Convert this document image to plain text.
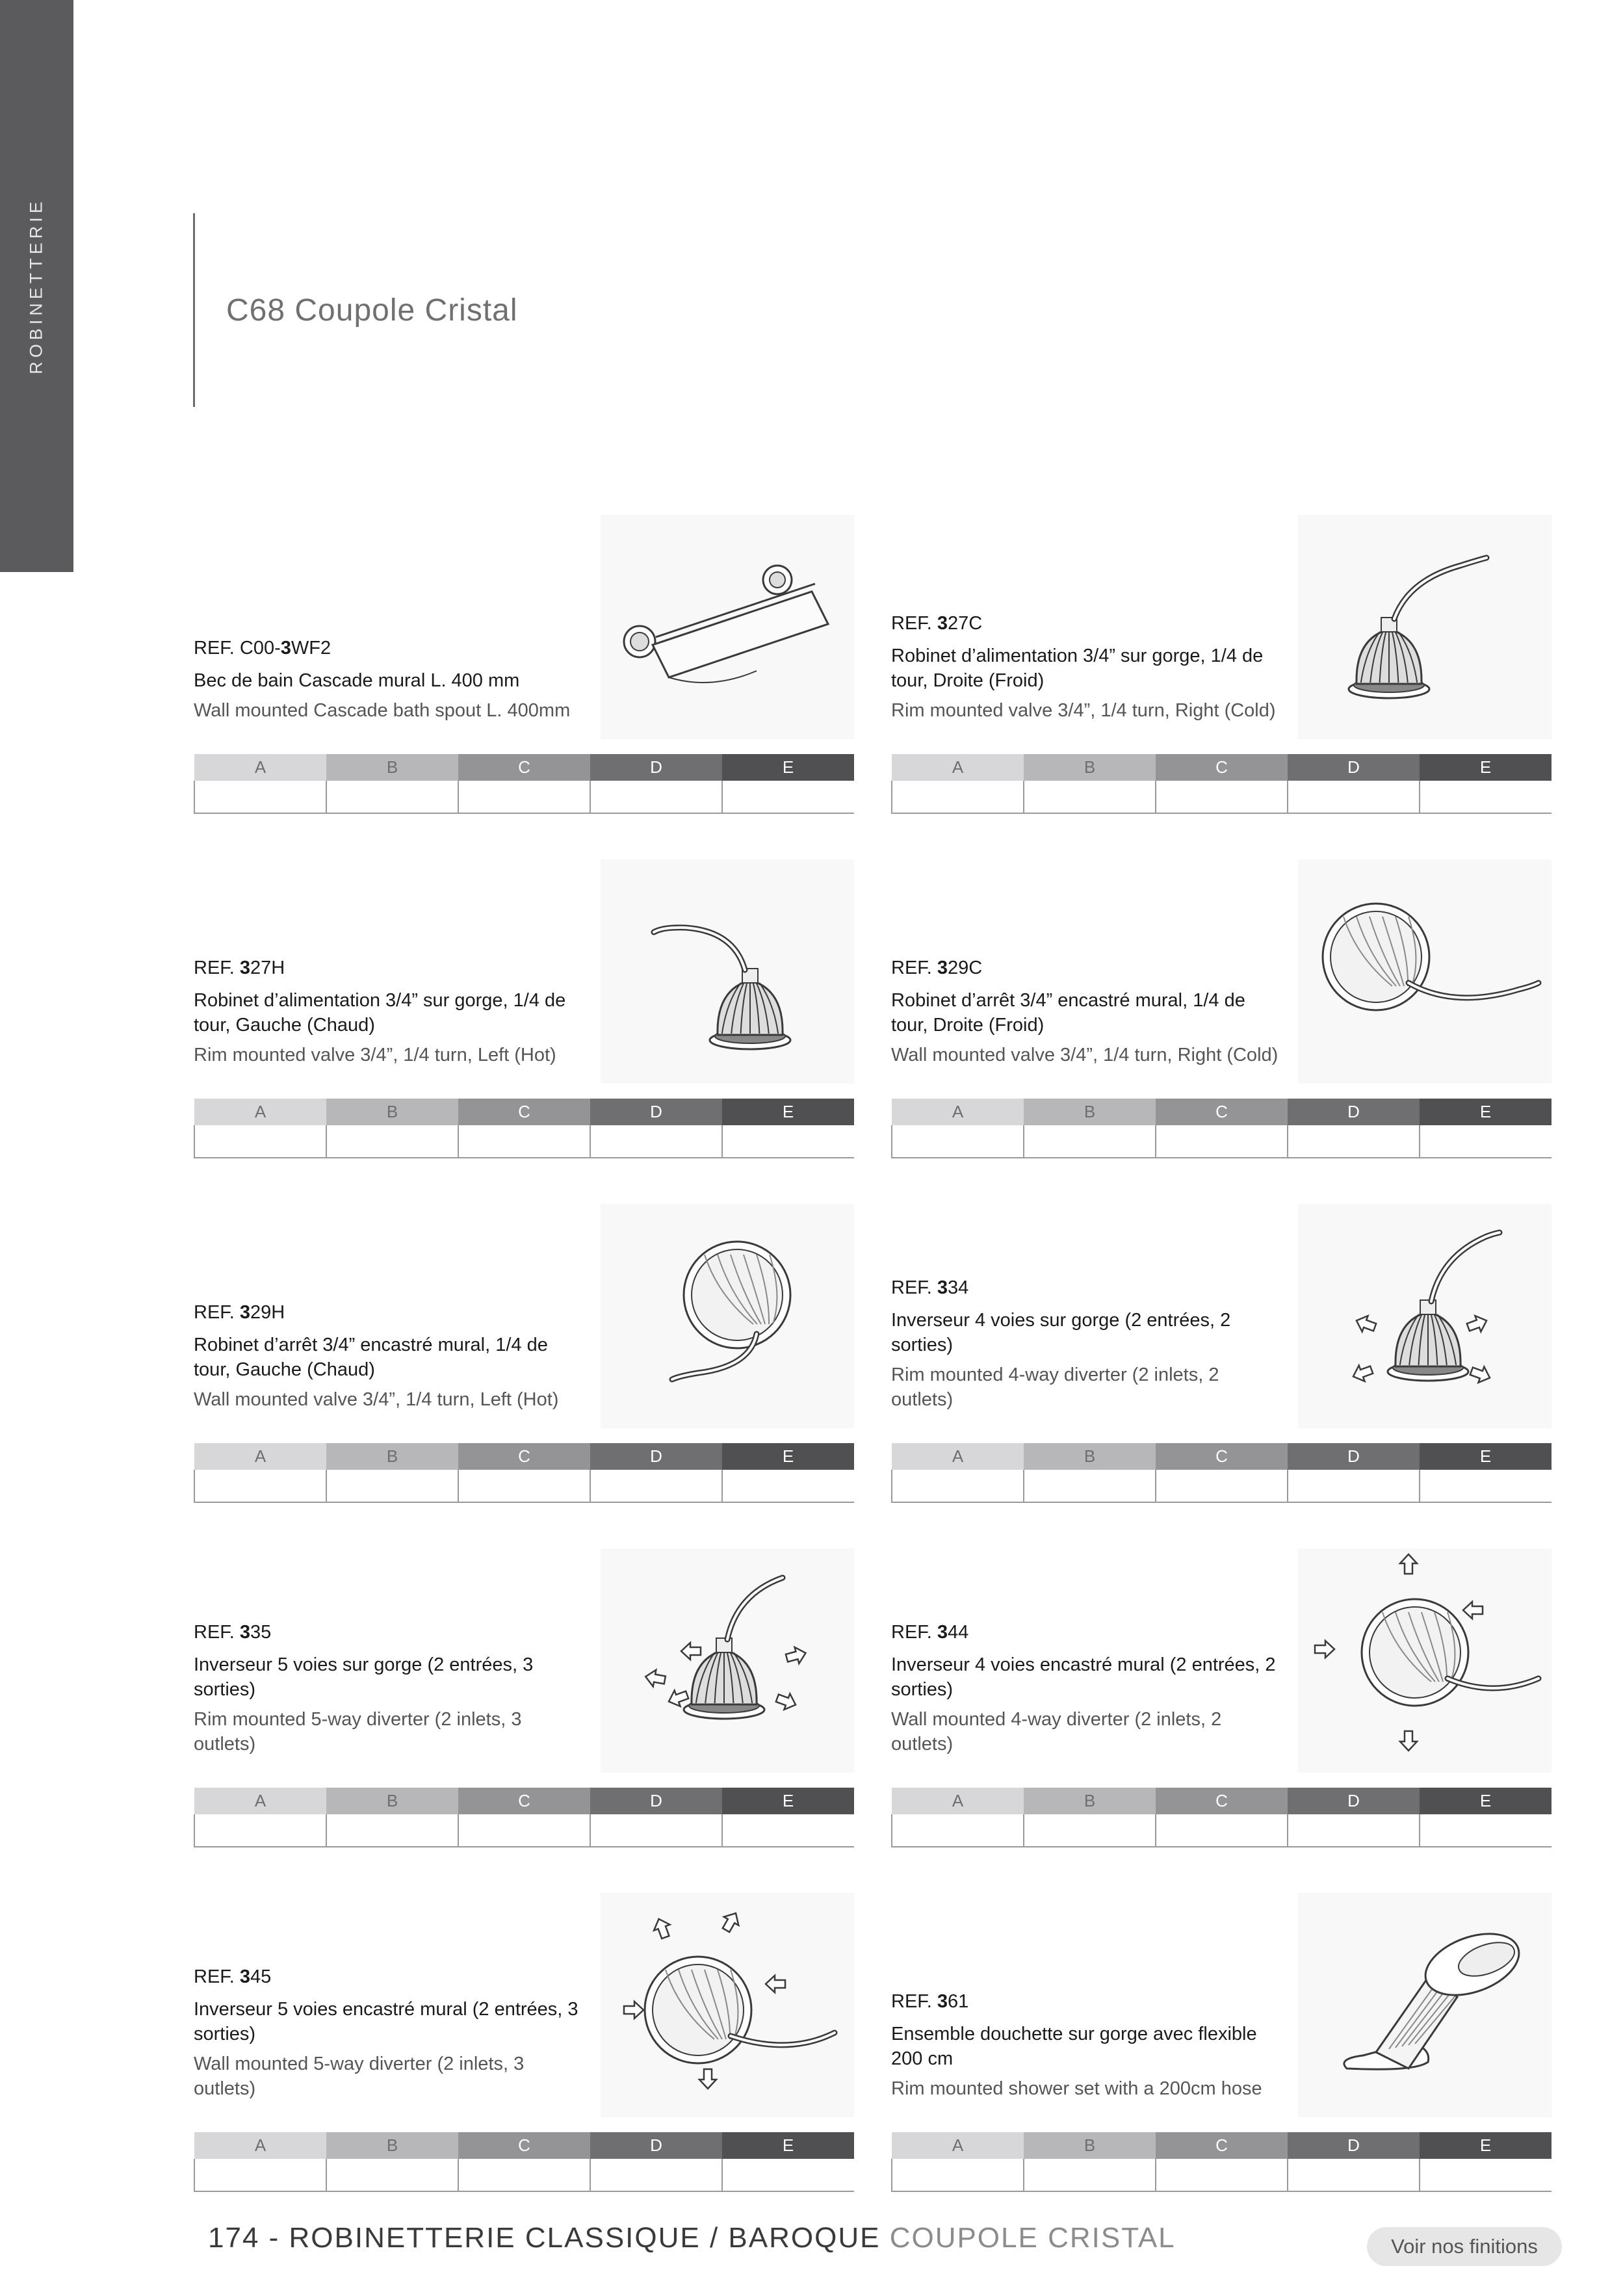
ROBINETTERIE	C68 Coupole Cristal
REF. C00-3WF2
Bec de bain Cascade mural L. 400 mm
Wall mounted Cascade bath spout L. 400mm
A	B	C	D	E

REF. 327C
Robinet d’alimentation 3/4” sur gorge, 1/4 de tour, Droite (Froid)
Rim mounted valve 3/4”, 1/4 turn, Right (Cold)
A	B	C	D	E

REF. 327H
Robinet d’alimentation 3/4” sur gorge, 1/4 de tour, Gauche (Chaud)
Rim mounted valve 3/4”, 1/4 turn, Left (Hot)
A	B	C	D	E

REF. 329C
Robinet d’arrêt 3/4” encastré mural, 1/4 de tour, Droite (Froid)
Wall mounted valve 3/4”, 1/4 turn, Right (Cold)
A	B	C	D	E

REF. 329H
Robinet d’arrêt 3/4” encastré mural, 1/4 de tour, Gauche (Chaud)
Wall mounted valve 3/4”, 1/4 turn, Left (Hot)
A	B	C	D	E

REF. 334
Inverseur 4 voies sur gorge (2 entrées, 2 sorties)
Rim mounted 4-way diverter (2 inlets, 2 outlets)
A	B	C	D	E

REF. 335
Inverseur 5 voies sur gorge (2 entrées, 3 sorties)
Rim mounted 5-way diverter (2 inlets, 3 outlets)
A	B	C	D	E

REF. 344
Inverseur 4 voies encastré mural (2 entrées, 2 sorties)
Wall mounted 4-way diverter (2 inlets, 2 outlets)
A	B	C	D	E

REF. 345
Inverseur 5 voies encastré mural (2 entrées, 3 sorties)
Wall mounted 5-way diverter (2 inlets, 3 outlets)
A	B	C	D	E

REF. 361
Ensemble douchette sur gorge avec flexible 200 cm
Rim mounted shower set with a 200cm hose
A	B	C	D	E

174 - ROBINETTERIE CLASSIQUE / BAROQUE COUPOLE CRISTAL	Voir nos finitions
